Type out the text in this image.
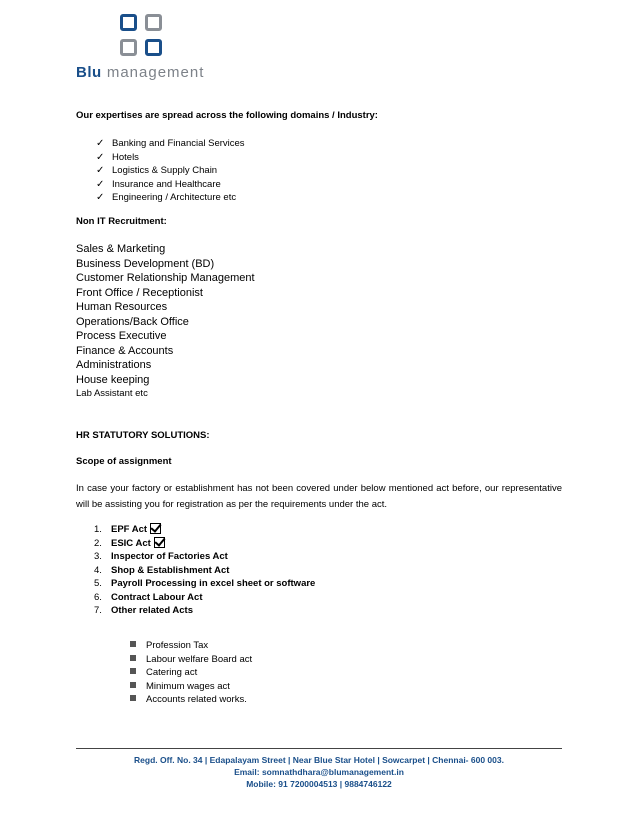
Blu management
Our expertises are spread across the following domains / Industry:
✓ Banking and Financial Services
✓ Hotels
✓ Logistics & Supply Chain
✓ Insurance and Healthcare
✓ Engineering / Architecture etc
Non IT Recruitment:
Sales & Marketing
Business Development (BD)
Customer Relationship Management
Front Office / Receptionist
Human Resources
Operations/Back Office
Process Executive
Finance & Accounts
Administrations
House keeping
Lab Assistant etc
HR STATUTORY SOLUTIONS:
Scope of assignment
In case your factory or establishment has not been covered under below mentioned act before, our representative will be assisting you for registration as per the requirements under the act.
1. EPF Act
2. ESIC Act
3. Inspector of Factories Act
4. Shop & Establishment Act
5. Payroll Processing in excel sheet or software
6. Contract Labour Act
7. Other related Acts
Profession Tax
Labour welfare Board act
Catering act
Minimum wages act
Accounts related works.
Regd. Off. No. 34 | Edapalayam Street | Near Blue Star Hotel | Sowcarpet | Chennai- 600 003.
Email: somnathdhara@blumanagement.in
Mobile: 91 7200004513 | 9884746122
